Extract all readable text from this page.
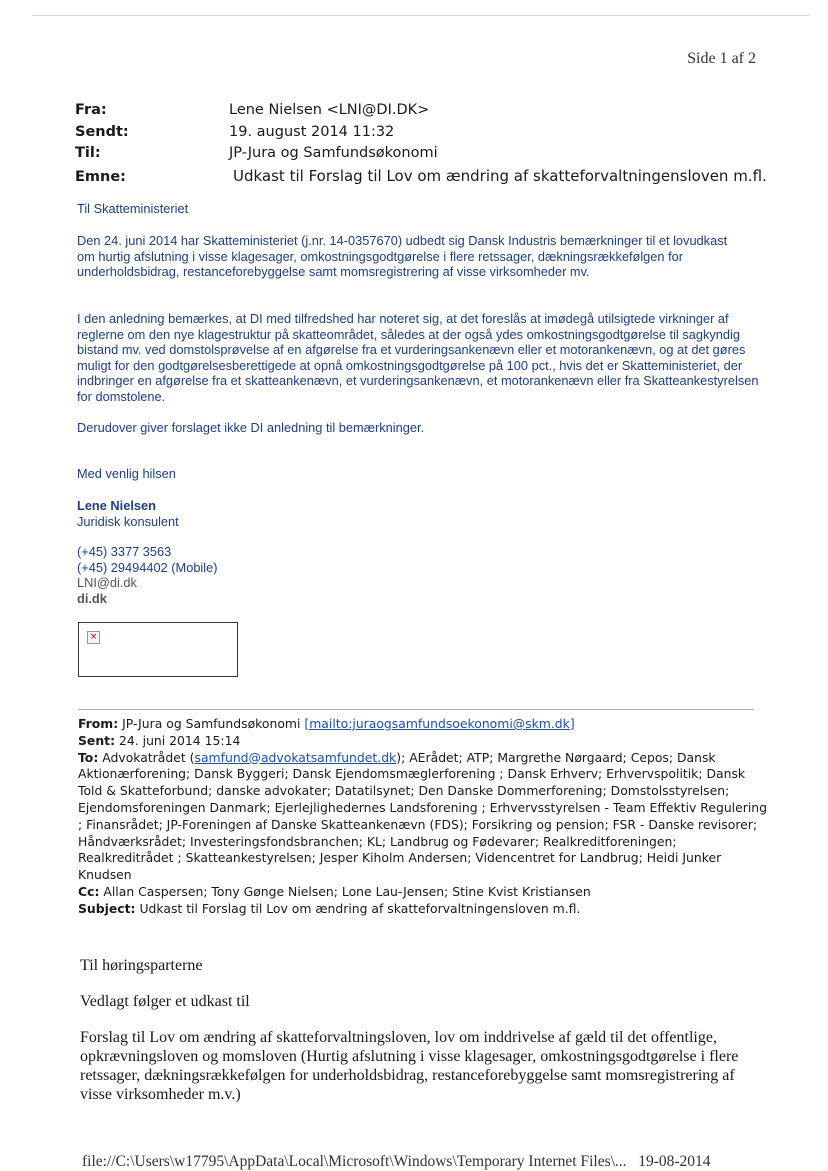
Side 1 af 2
Fra:	Lene Nielsen <LNI@DI.DK>
Sendt:	19. august 2014 11:32
Til:	JP-Jura og Samfundsøkonomi
Emne:	Udkast til Forslag til Lov om ændring af skatteforvaltningensloven m.fl.
Til Skatteministeriet

Den 24. juni 2014 har Skatteministeriet (j.nr. 14-0357670) udbedt sig Dansk Industris bemærkninger til et lovudkast om hurtig afslutning i visse klagesager, omkostningsgodtgørelse i flere retssager, dækningsrækkefølgen for underholdsbidrag, restanceforebyggelse samt momsregistrering af visse virksomheder mv.

I den anledning bemærkes, at DI med tilfredshed har noteret sig, at det foreslås at imødegå utilsigtede virkninger af reglerne om den nye klagestruktur på skatteområdet, således at der også ydes omkostningsgodtgørelse til sagkyndig bistand mv. ved domstolsprøvelse af en afgørelse fra et vurderingsankenævn eller et motorankenævn, og at det gøres muligt for den godtgørelsesberettigede at opnå omkostningsgodtgørelse på 100 pct., hvis det er Skatteministeriet, der indbringer en afgørelse fra et skatteankenævn, et vurderingsankenævn, et motorankenævn eller fra Skatteankestyrelsen for domstolene.

Derudover giver forslaget ikke DI anledning til bemærkninger.
Med venlig hilsen
Lene Nielsen
Juridisk konsulent
(+45) 3377 3563
(+45) 29494402 (Mobile)
LNI@di.dk
di.dk
×
From: JP-Jura og Samfundsøkonomi [mailto:juraogsamfundsoekonomi@skm.dk]
Sent: 24. juni 2014 15:14
To: Advokatrådet (samfund@advokatsamfundet.dk); AErådet; ATP; Margrethe Nørgaard; Cepos; Dansk Aktionærforening; Dansk Byggeri; Dansk Ejendomsmæglerforening ; Dansk Erhverv; Erhvervspolitik; Dansk Told & Skatteforbund; danske advokater; Datatilsynet; Den Danske Dommerforening; Domstolsstyrelsen; Ejendomsforeningen Danmark; Ejerlejlighedernes Landsforening ; Erhvervsstyrelsen - Team Effektiv Regulering ; Finansrådet; JP-Foreningen af Danske Skatteankenævn (FDS); Forsikring og pension; FSR - Danske revisorer; Håndværksrådet; Investeringsfondsbranchen; KL; Landbrug og Fødevarer; Realkreditforeningen; Realkreditrådet ; Skatteankestyrelsen; Jesper Kiholm Andersen; Videncentret for Landbrug; Heidi Junker Knudsen
Cc: Allan Caspersen; Tony Gønge Nielsen; Lone Lau-Jensen; Stine Kvist Kristiansen
Subject: Udkast til Forslag til Lov om ændring af skatteforvaltningensloven m.fl.
Til høringsparterne
Vedlagt følger et udkast til
Forslag til Lov om ændring af skatteforvaltningsloven, lov om inddrivelse af gæld til det offentlige, opkrævningsloven og momsloven (Hurtig afslutning i visse klagesager, omkostningsgodtgørelse i flere retssager, dækningsrækkefølgen for underholdsbidrag, restanceforebyggelse samt momsregistrering af visse virksomheder m.v.)
file://C:\Users\w17795\AppData\Local\Microsoft\Windows\Temporary Internet Files\... 19-08-2014
